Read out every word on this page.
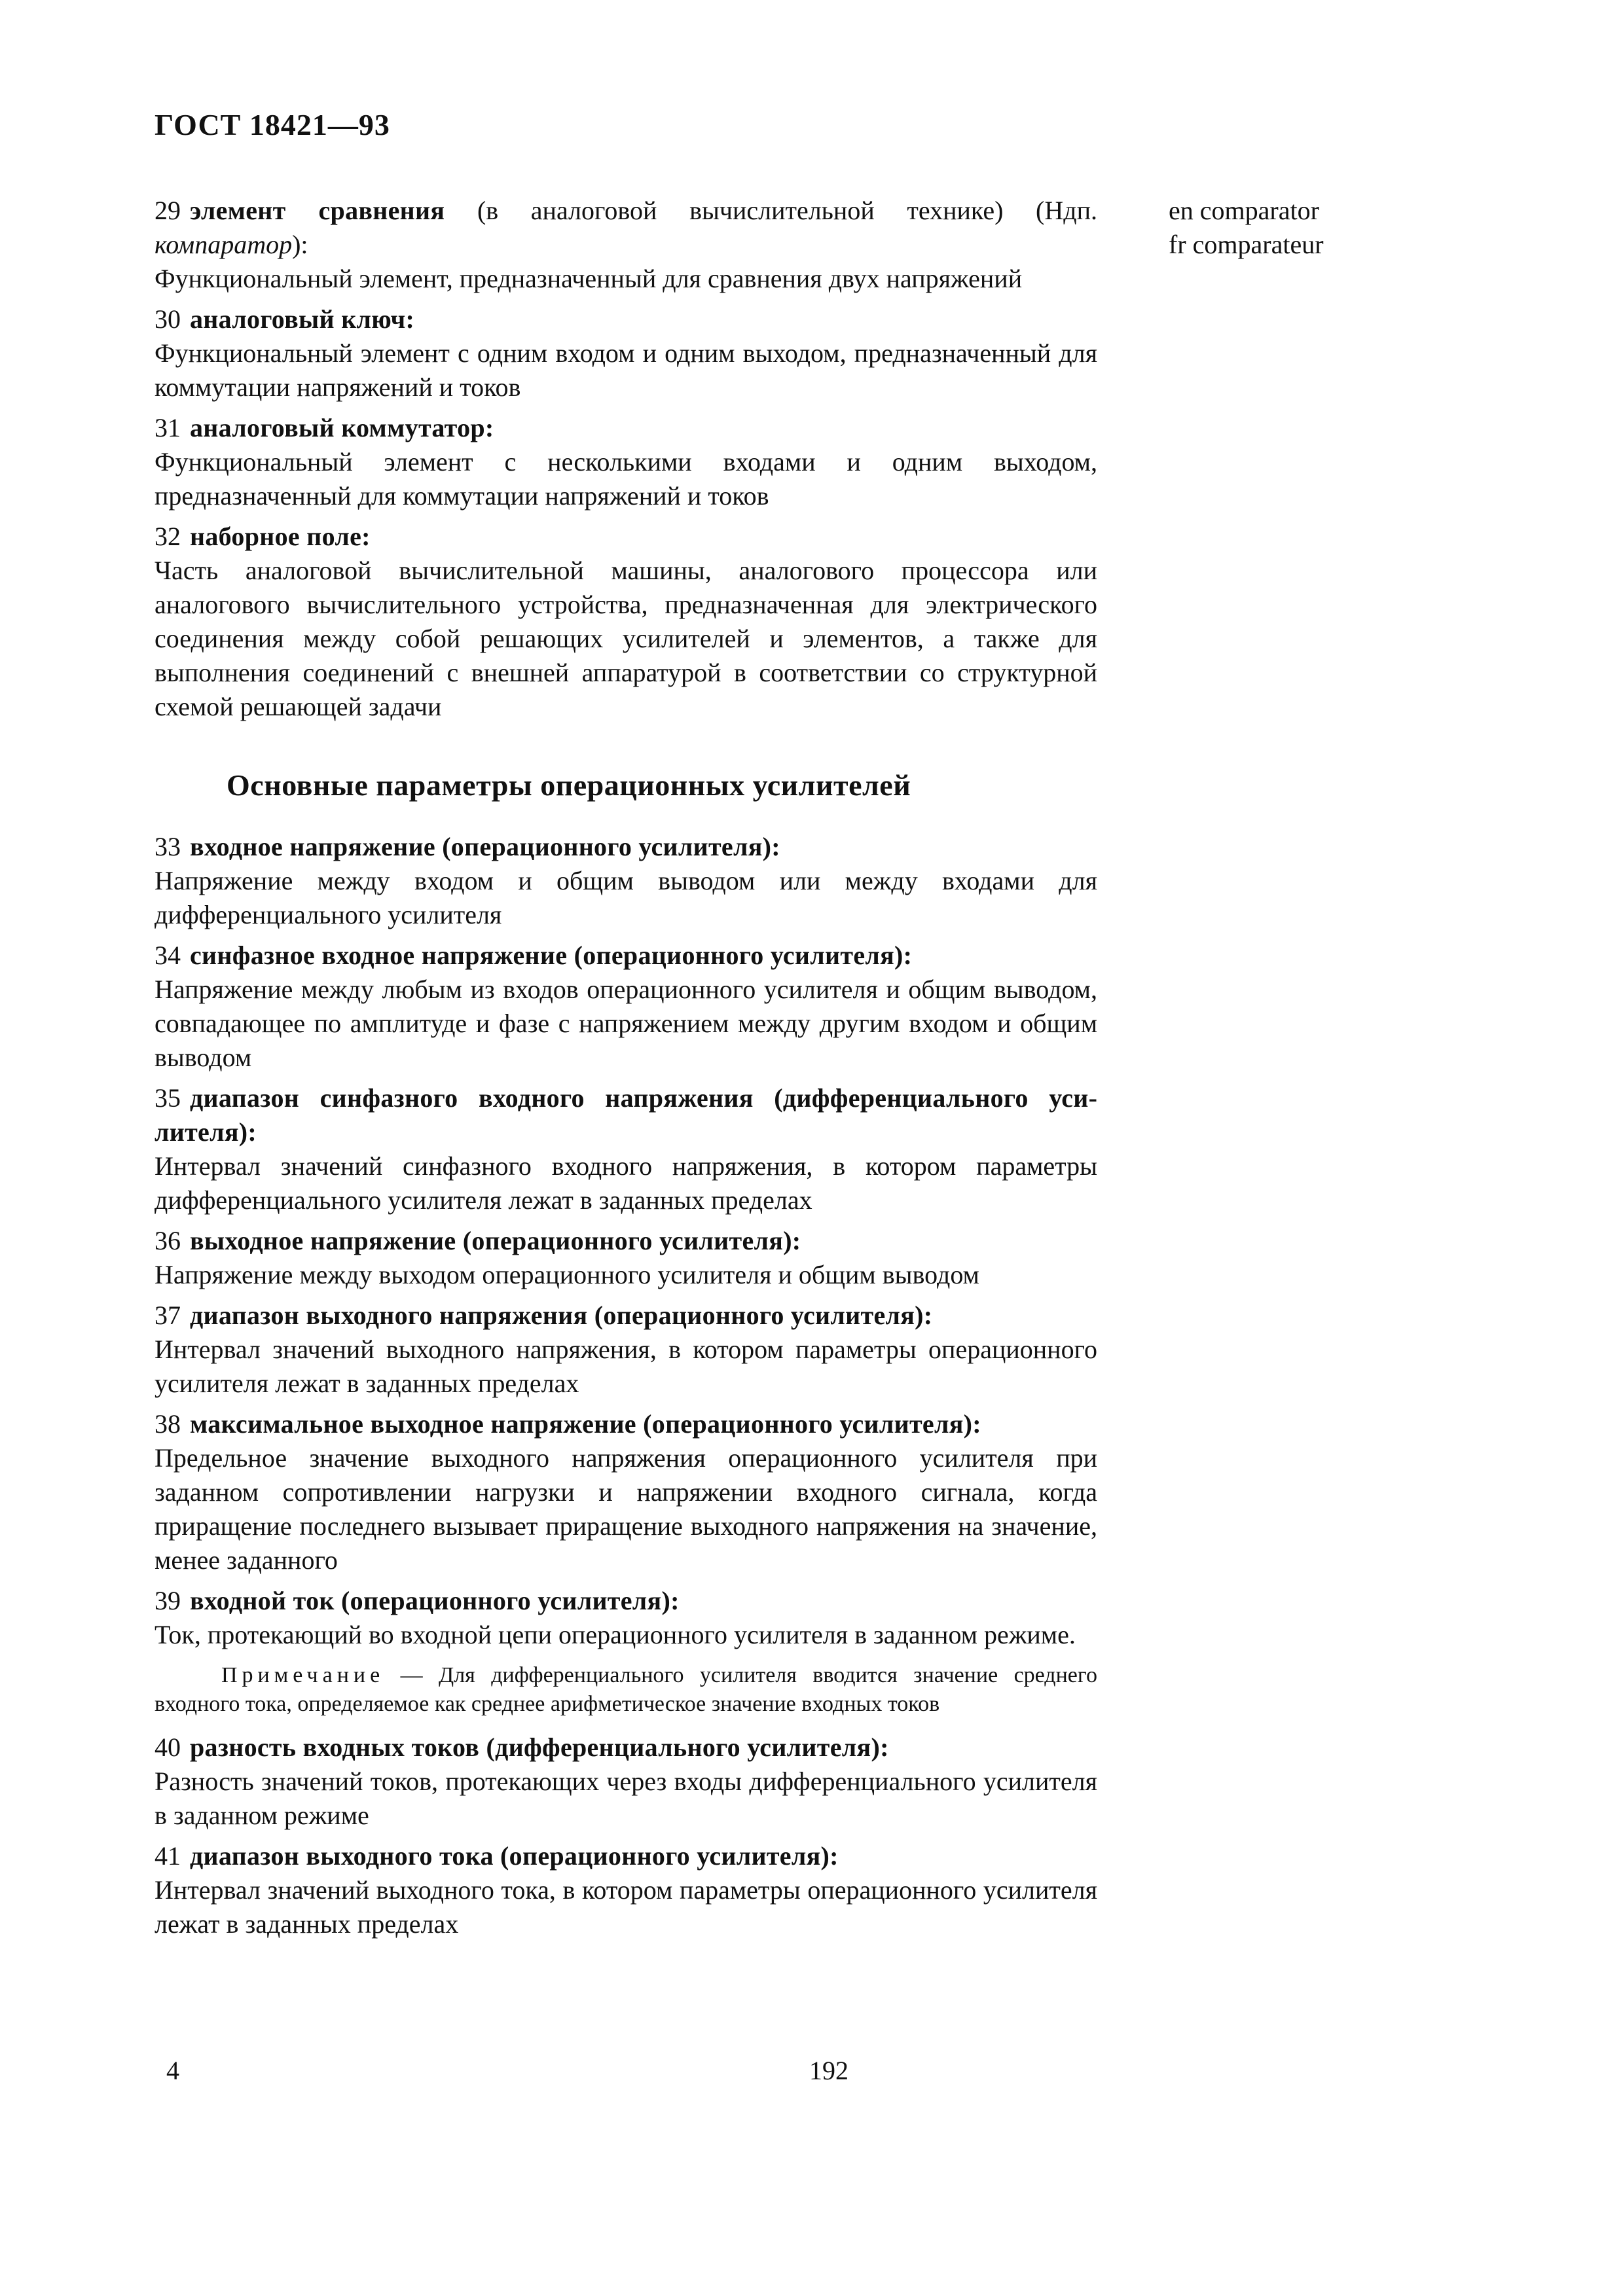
ГОСТ 18421—93
29 элемент сравнения (в аналоговой вычислительной технике) (Ндп. компаратор):
Функциональный элемент, предназначенный для сравнения двух напряжений
30 аналоговый ключ:
Функциональный элемент с одним входом и одним выходом, предназначенный для коммутации напряжений и токов
31 аналоговый коммутатор:
Функциональный элемент с несколькими входами и одним выходом, предназначенный для коммутации напряжений и токов
32 наборное поле:
Часть аналоговой вычислительной машины, аналогового процессора или аналогового вычислительного устройства, предназначенная для электрического соединения между собой решающих усилителей и элементов, а также для выполнения соединений с внешней аппаратурой в соответствии со структурной схемой решающей задачи
Основные параметры операционных усилителей
33 входное напряжение (операционного усилителя):
Напряжение между входом и общим выводом или между входами для дифференциального усилителя
34 синфазное входное напряжение (операционного усилителя):
Напряжение между любым из входов операционного усилителя и общим выводом, совпадающее по амплитуде и фазе с напряжением между другим входом и общим выводом
35 диапазон синфазного входного напряжения (дифференциального усилителя):
Интервал значений синфазного входного напряжения, в котором параметры дифференциального усилителя лежат в заданных пределах
36 выходное напряжение (операционного усилителя):
Напряжение между выходом операционного усилителя и общим выводом
37 диапазон выходного напряжения (операционного усилителя):
Интервал значений выходного напряжения, в котором параметры операционного усилителя лежат в заданных пределах
38 максимальное выходное напряжение (операционного усилителя):
Предельное значение выходного напряжения операционного усилителя при заданном сопротивлении нагрузки и напряжении входного сигнала, когда приращение последнего вызывает приращение выходного напряжения на значение, менее заданного
39 входной ток (операционного усилителя):
Ток, протекающий во входной цепи операционного усилителя в заданном режиме.
Примечание — Для дифференциального усилителя вводится значение среднего входного тока, определяемое как среднее арифметическое значение входных токов
40 разность входных токов (дифференциального усилителя):
Разность значений токов, протекающих через входы дифференциального усилителя в заданном режиме
41 диапазон выходного тока (операционного усилителя):
Интервал значений выходного тока, в котором параметры операционного усилителя лежат в заданных пределах
en comparator
fr comparateur
4	192
